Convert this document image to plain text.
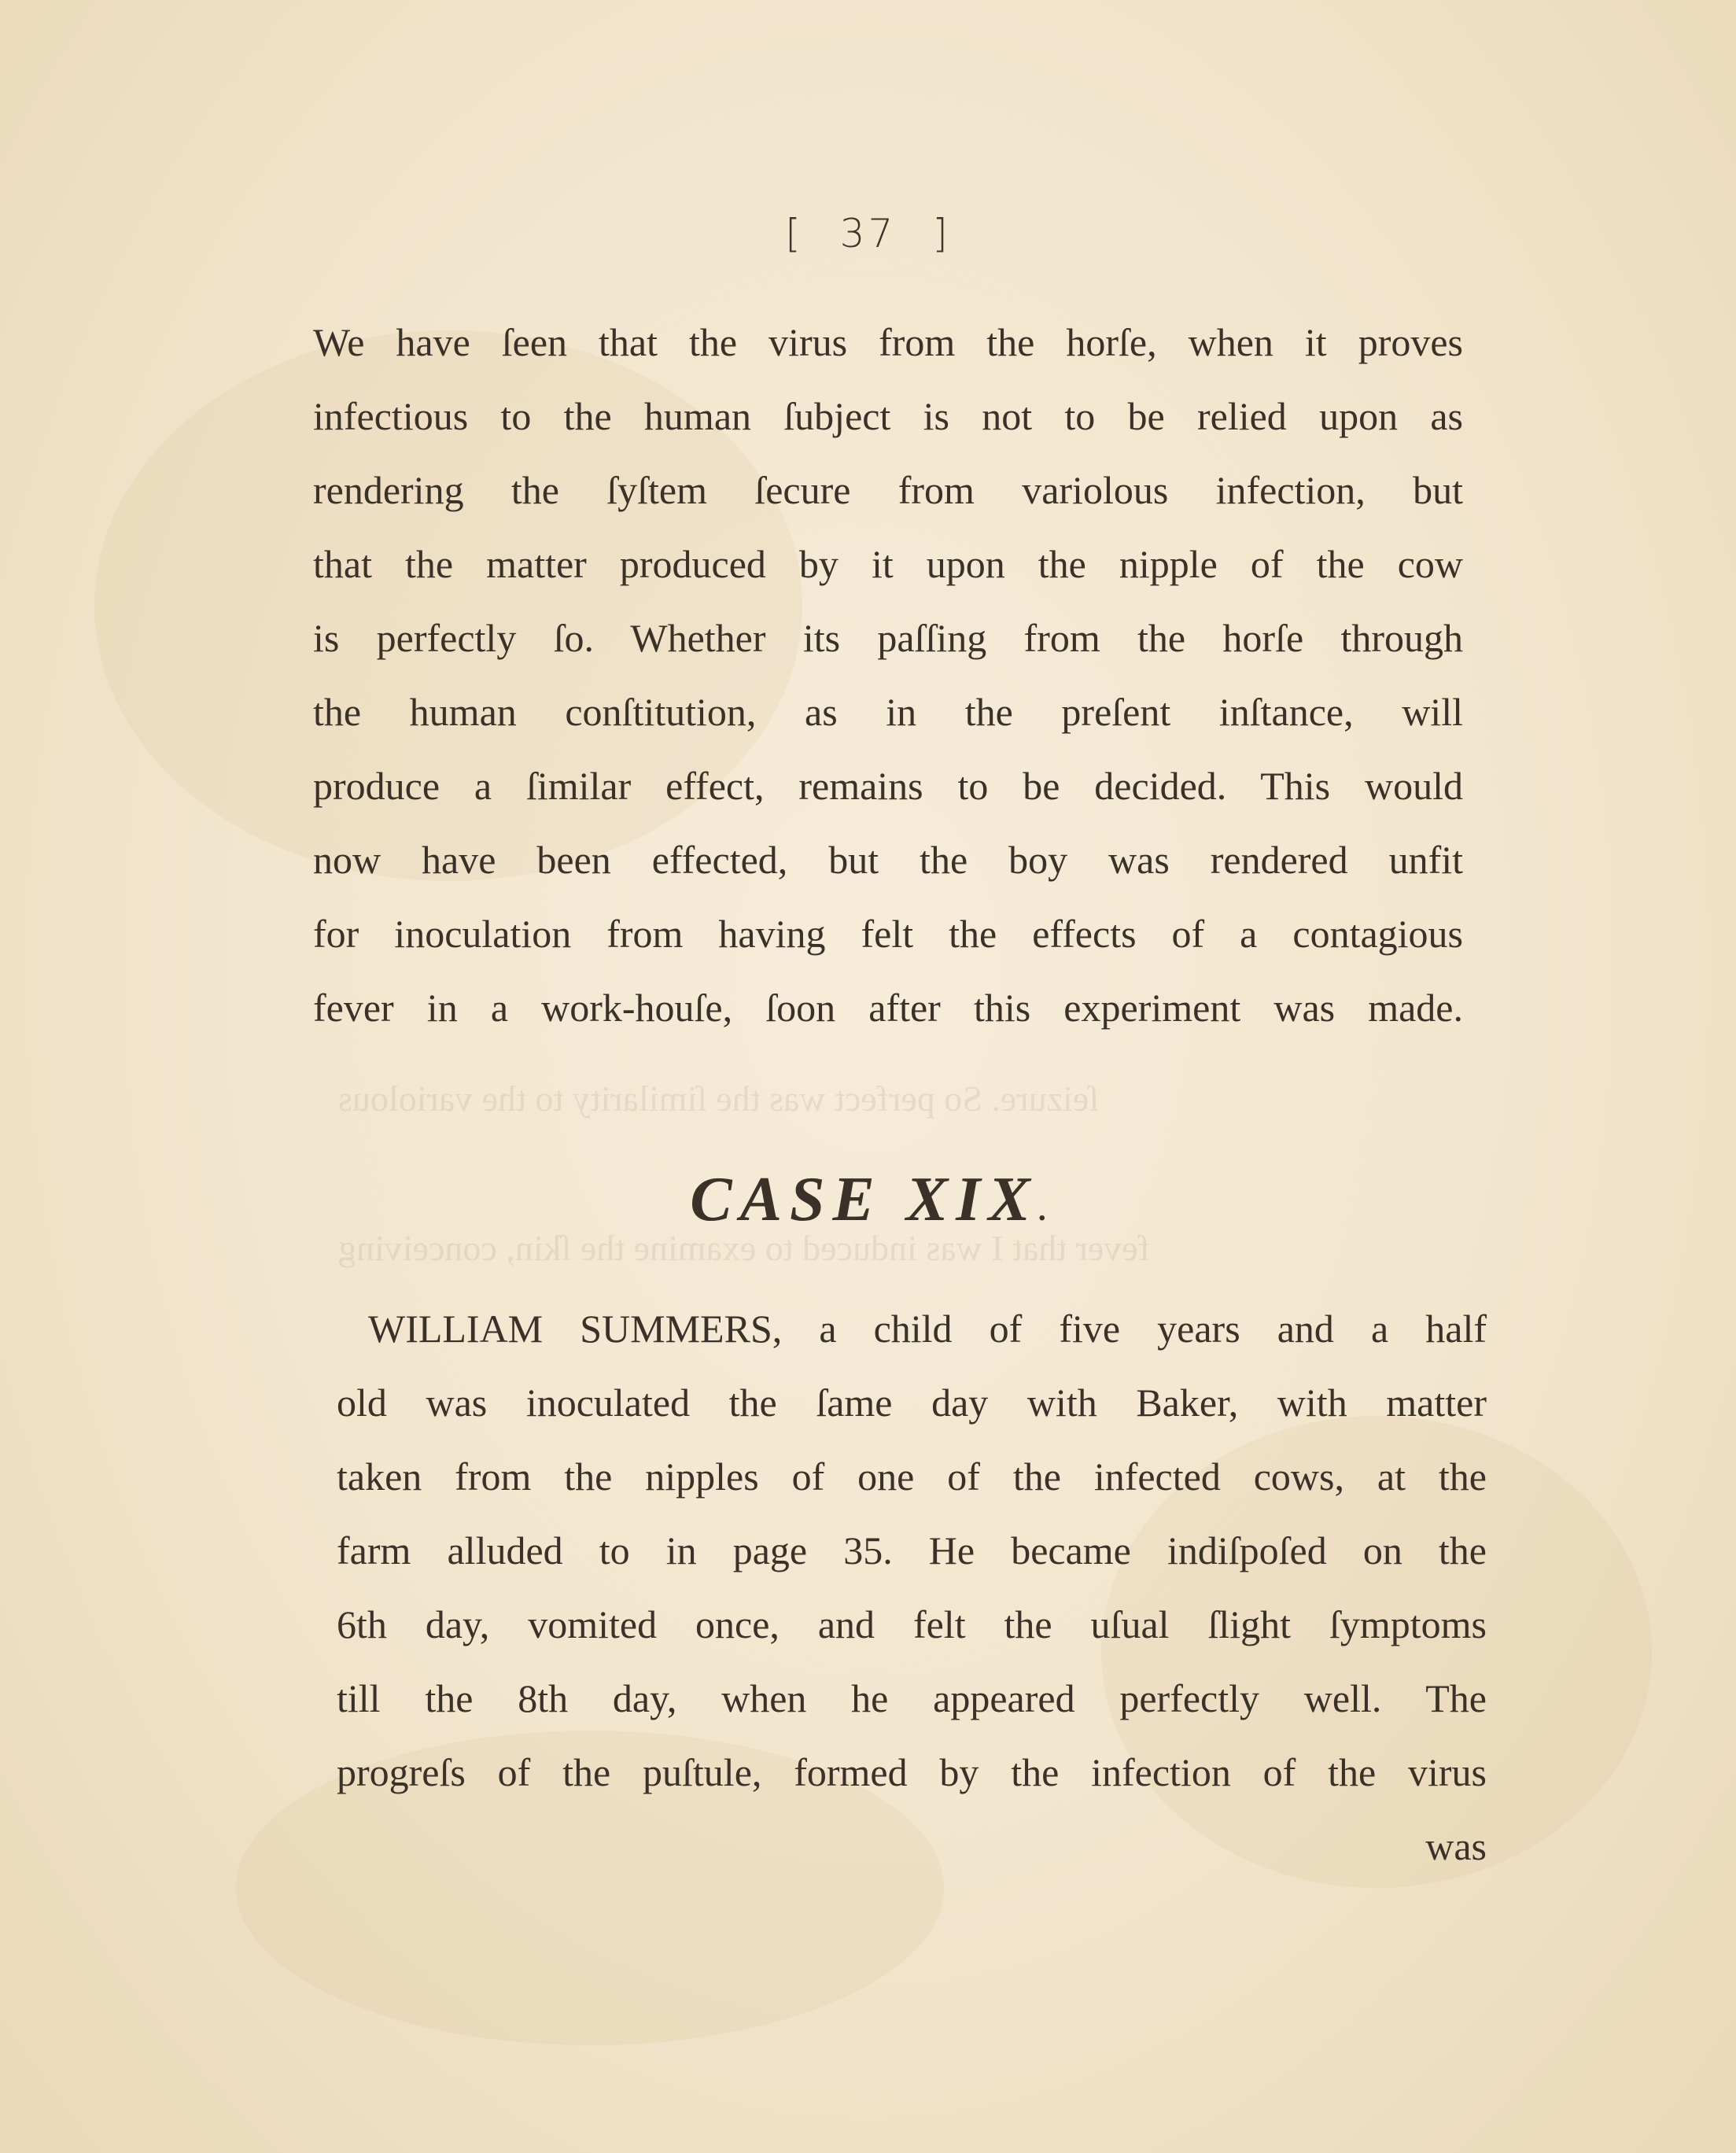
ſeizure. So perfect was the ſimilarity to the variolous
fever that I was induced to examine the ſkin, conceiving
[ 37 ]
We have ſeen that the virus from the horſe, when it proves
infectious to the human ſubject is not to be relied upon as
rendering the ſyſtem ſecure from variolous infection, but
that the matter produced by it upon the nipple of the cow
is perfectly ſo. Whether its paſſing from the horſe through
the human conſtitution, as in the preſent inſtance, will
produce a ſimilar effect, remains to be decided. This would
now have been effected, but the boy was rendered unfit
for inoculation from having felt the effects of a contagious
fever in a work-houſe, ſoon after this experiment was made.
CASE XIX.
WILLIAM SUMMERS, a child of five years and a half
old was inoculated the ſame day with Baker, with matter
taken from the nipples of one of the infected cows, at the
farm alluded to in page 35. He became indiſpoſed on the
6th day, vomited once, and felt the uſual ſlight ſymptoms
till the 8th day, when he appeared perfectly well. The
progreſs of the puſtule, formed by the infection of the virus
was
